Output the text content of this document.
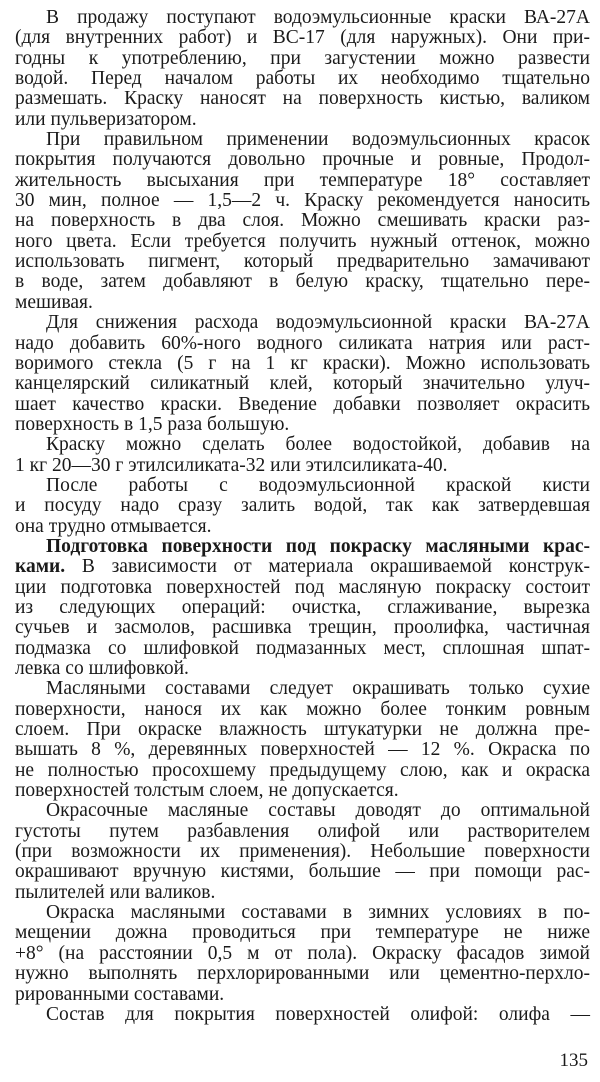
В продажу поступают водоэмульсионные краски ВА-27А
(для внутренних работ) и ВС-17 (для наружных). Они при-
годны к употреблению, при загустении можно развести
водой. Перед началом работы их необходимо тщательно
размешать. Краску наносят на поверхность кистью, валиком
или пульверизатором.
При правильном применении водоэмульсионных красок
покрытия получаются довольно прочные и ровные, Продол-
жительность высыхания при температуре 18° составляет
30 мин, полное — 1,5—2 ч. Краску рекомендуется наносить
на поверхность в два слоя. Можно смешивать краски раз-
ного цвета. Если требуется получить нужный оттенок, можно
использовать пигмент, который предварительно замачивают
в воде, затем добавляют в белую краску, тщательно пере-
мешивая.
Для снижения расхода водоэмульсионной краски ВА-27А
надо добавить 60%-ного водного силиката натрия или раст-
воримого стекла (5 г на 1 кг краски). Можно использовать
канцелярский силикатный клей, который значительно улуч-
шает качество краски. Введение добавки позволяет окрасить
поверхность в 1,5 раза большую.
Краску можно сделать более водостойкой, добавив на
1 кг 20—30 г этилсиликата-32 или этилсиликата-40.
После работы с водоэмульсионной краской кисти
и посуду надо сразу залить водой, так как затвердевшая
она трудно отмывается.
Подготовка поверхности под покраску масляными крас-
ками. В зависимости от материала окрашиваемой конструк-
ции подготовка поверхностей под масляную покраску состоит
из следующих операций: очистка, сглаживание, вырезка
сучьев и засмолов, расшивка трещин, проолифка, частичная
подмазка со шлифовкой подмазанных мест, сплошная шпат-
левка со шлифовкой.
Масляными составами следует окрашивать только сухие
поверхности, нанося их как можно более тонким ровным
слоем. При окраске влажность штукатурки не должна пре-
вышать 8 %, деревянных поверхностей — 12 %. Окраска по
не полностью просохшему предыдущему слою, как и окраска
поверхностей толстым слоем, не допускается.
Окрасочные масляные составы доводят до оптимальной
густоты путем разбавления олифой или растворителем
(при возможности их применения). Небольшие поверхности
окрашивают вручную кистями, большие — при помощи рас-
пылителей или валиков.
Окраска масляными составами в зимних условиях в по-
мещении дожна проводиться при температуре не ниже
+8° (на расстоянии 0,5 м от пола). Окраску фасадов зимой
нужно выполнять перхлорированными или цементно-перхло-
рированными составами.
Состав для покрытия поверхностей олифой: олифа —
135
